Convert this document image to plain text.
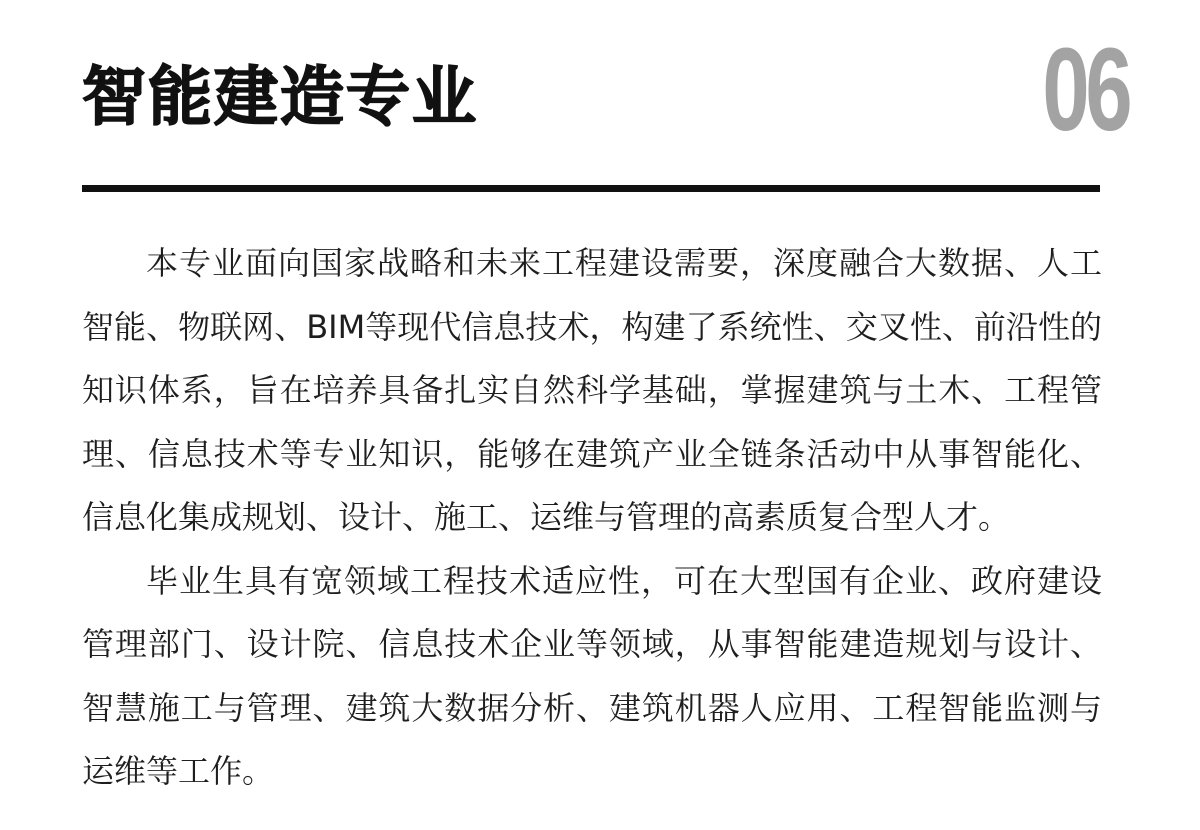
智能建造专业	06

本专业面向国家战略和未来工程建设需要，深度融合大数据、人工智能、物联网、BIM等现代信息技术，构建了系统性、交叉性、前沿性的知识体系，旨在培养具备扎实自然科学基础，掌握建筑与土木、工程管理、信息技术等专业知识，能够在建筑产业全链条活动中从事智能化、信息化集成规划、设计、施工、运维与管理的高素质复合型人才。

毕业生具有宽领域工程技术适应性，可在大型国有企业、政府建设管理部门、设计院、信息技术企业等领域，从事智能建造规划与设计、智慧施工与管理、建筑大数据分析、建筑机器人应用、工程智能监测与运维等工作。
